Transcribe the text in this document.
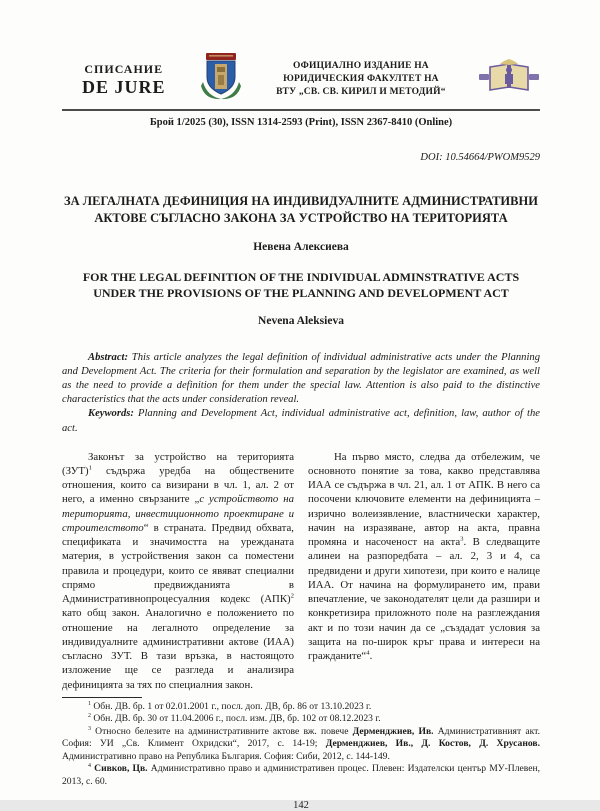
СПИСАНИЕ
DE JURE
ОФИЦИАЛНО ИЗДАНИЕ НА
ЮРИДИЧЕСКИЯ ФАКУЛТЕТ НА
ВТУ „СВ. СВ. КИРИЛ И МЕТОДИЙ“
Брой 1/2025 (30), ISSN 1314-2593 (Print), ISSN 2367-8410 (Online)
DOI: 10.54664/PWOM9529
ЗА ЛЕГАЛНАТА ДЕФИНИЦИЯ НА ИНДИВИДУАЛНИТЕ АДМИНИСТРАТИВНИ АКТОВЕ СЪГЛАСНО ЗАКОНА ЗА УСТРОЙСТВО НА ТЕРИТОРИЯТА
Невена Алексиева
FOR THE LEGAL DEFINITION OF THE INDIVIDUAL ADMINSTRATIVE ACTS UNDER THE PROVISIONS OF THE PLANNING AND DEVELOPMENT ACT
Nevena Aleksieva

Abstract: This article analyzes the legal definition of individual administrative acts under the Planning and Development Act. The criteria for their formulation and separation by the legislator are examined, as well as the need to provide a definition for them under the special law. Attention is also paid to the distinctive characteristics that the acts under consideration reveal.

Keywords: Planning and Development Act, individual administrative act, definition, law, author of the act.

Законът за устройство на територията (ЗУТ)$^1$ съдържа уредба на обществените отношения, които са визирани в чл. 1, ал. 2 от него, а именно свързаните „с устройството на територията, инвестиционното проектиране и строителството“ в страната. Предвид обхвата, спецификата и значимостта на урежданата материя, в устройствения закон са поместени правила и процедури, които се явяват специални спрямо предвижданията в Административнопроцесуалния кодекс (АПК)$^2$ като общ закон. Аналогично е положението по отношение на легалното определение за индивидуалните административни актове (ИАА) съгласно ЗУТ. В тази връзка, в настоящото изложение ще се разгледа и анализира дефиницията за тях по специалния закон.

На първо място, следва да отбележим, че основното понятие за това, какво представлява ИАА се съдържа в чл. 21, ал. 1 от АПК. В него са посочени ключовите елементи на дефиницията – изрично волеизявление, властнически характер, начин на изразяване, автор на акта, правна промяна и насоченост на акта$^3$. В следващите алинеи на разпоредбата – ал. 2, 3 и 4, са предвидени и други хипотези, при които е налице ИАА. От начина на формулирането им, прави впечатление, че законодателят цели да разшири и конкретизира приложното поле на разглеждания акт и по този начин да се „създадат условия за защита на по-широк кръг права и интереси на гражданите“$^4$.

$^1$ Обн. ДВ. бр. 1 от 02.01.2001 г., посл. доп. ДВ, бр. 86 от 13.10.2023 г.
$^2$ Обн. ДВ. бр. 30 от 11.04.2006 г., посл. изм. ДВ, бр. 102 от 08.12.2023 г.
$^3$ Относно белезите на административните актове вж. повече Дерменджиев, Ив. Административният акт. София: УИ „Св. Климент Охридски“, 2017, с. 14-19; Дерменджиев, Ив., Д. Костов, Д. Хрусанов. Административно право на Република България. София: Сиби, 2012, с. 144-149.
$^4$ Сивков, Цв. Административно право и административен процес. Плевен: Издателски център МУ-Плевен, 2013, с. 60.
142
